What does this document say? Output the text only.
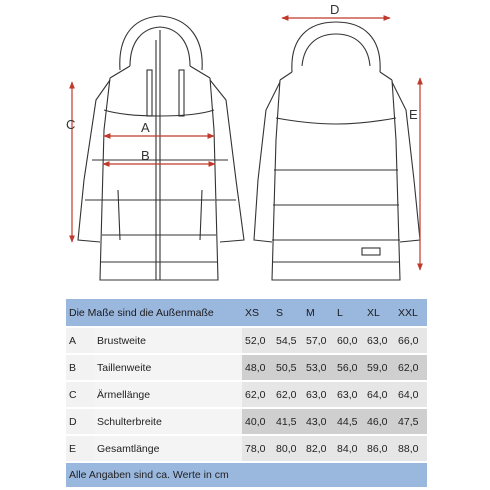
A
B
C
D
E
Die Maße sind die Außenmaße		XS	S	M	L	XL	XXL
A	Brustweite	52,0	54,5	57,0	60,0	63,0	66,0
B	Taillenweite	48,0	50,5	53,0	56,0	59,0	62,0
C	Ärmellänge	62,0	62,0	63,0	63,0	64,0	64,0
D	Schulterbreite	40,0	41,5	43,0	44,5	46,0	47,5
E	Gesamtlänge	78,0	80,0	82,0	84,0	86,0	88,0
Alle Angaben sind ca. Werte in cm							
